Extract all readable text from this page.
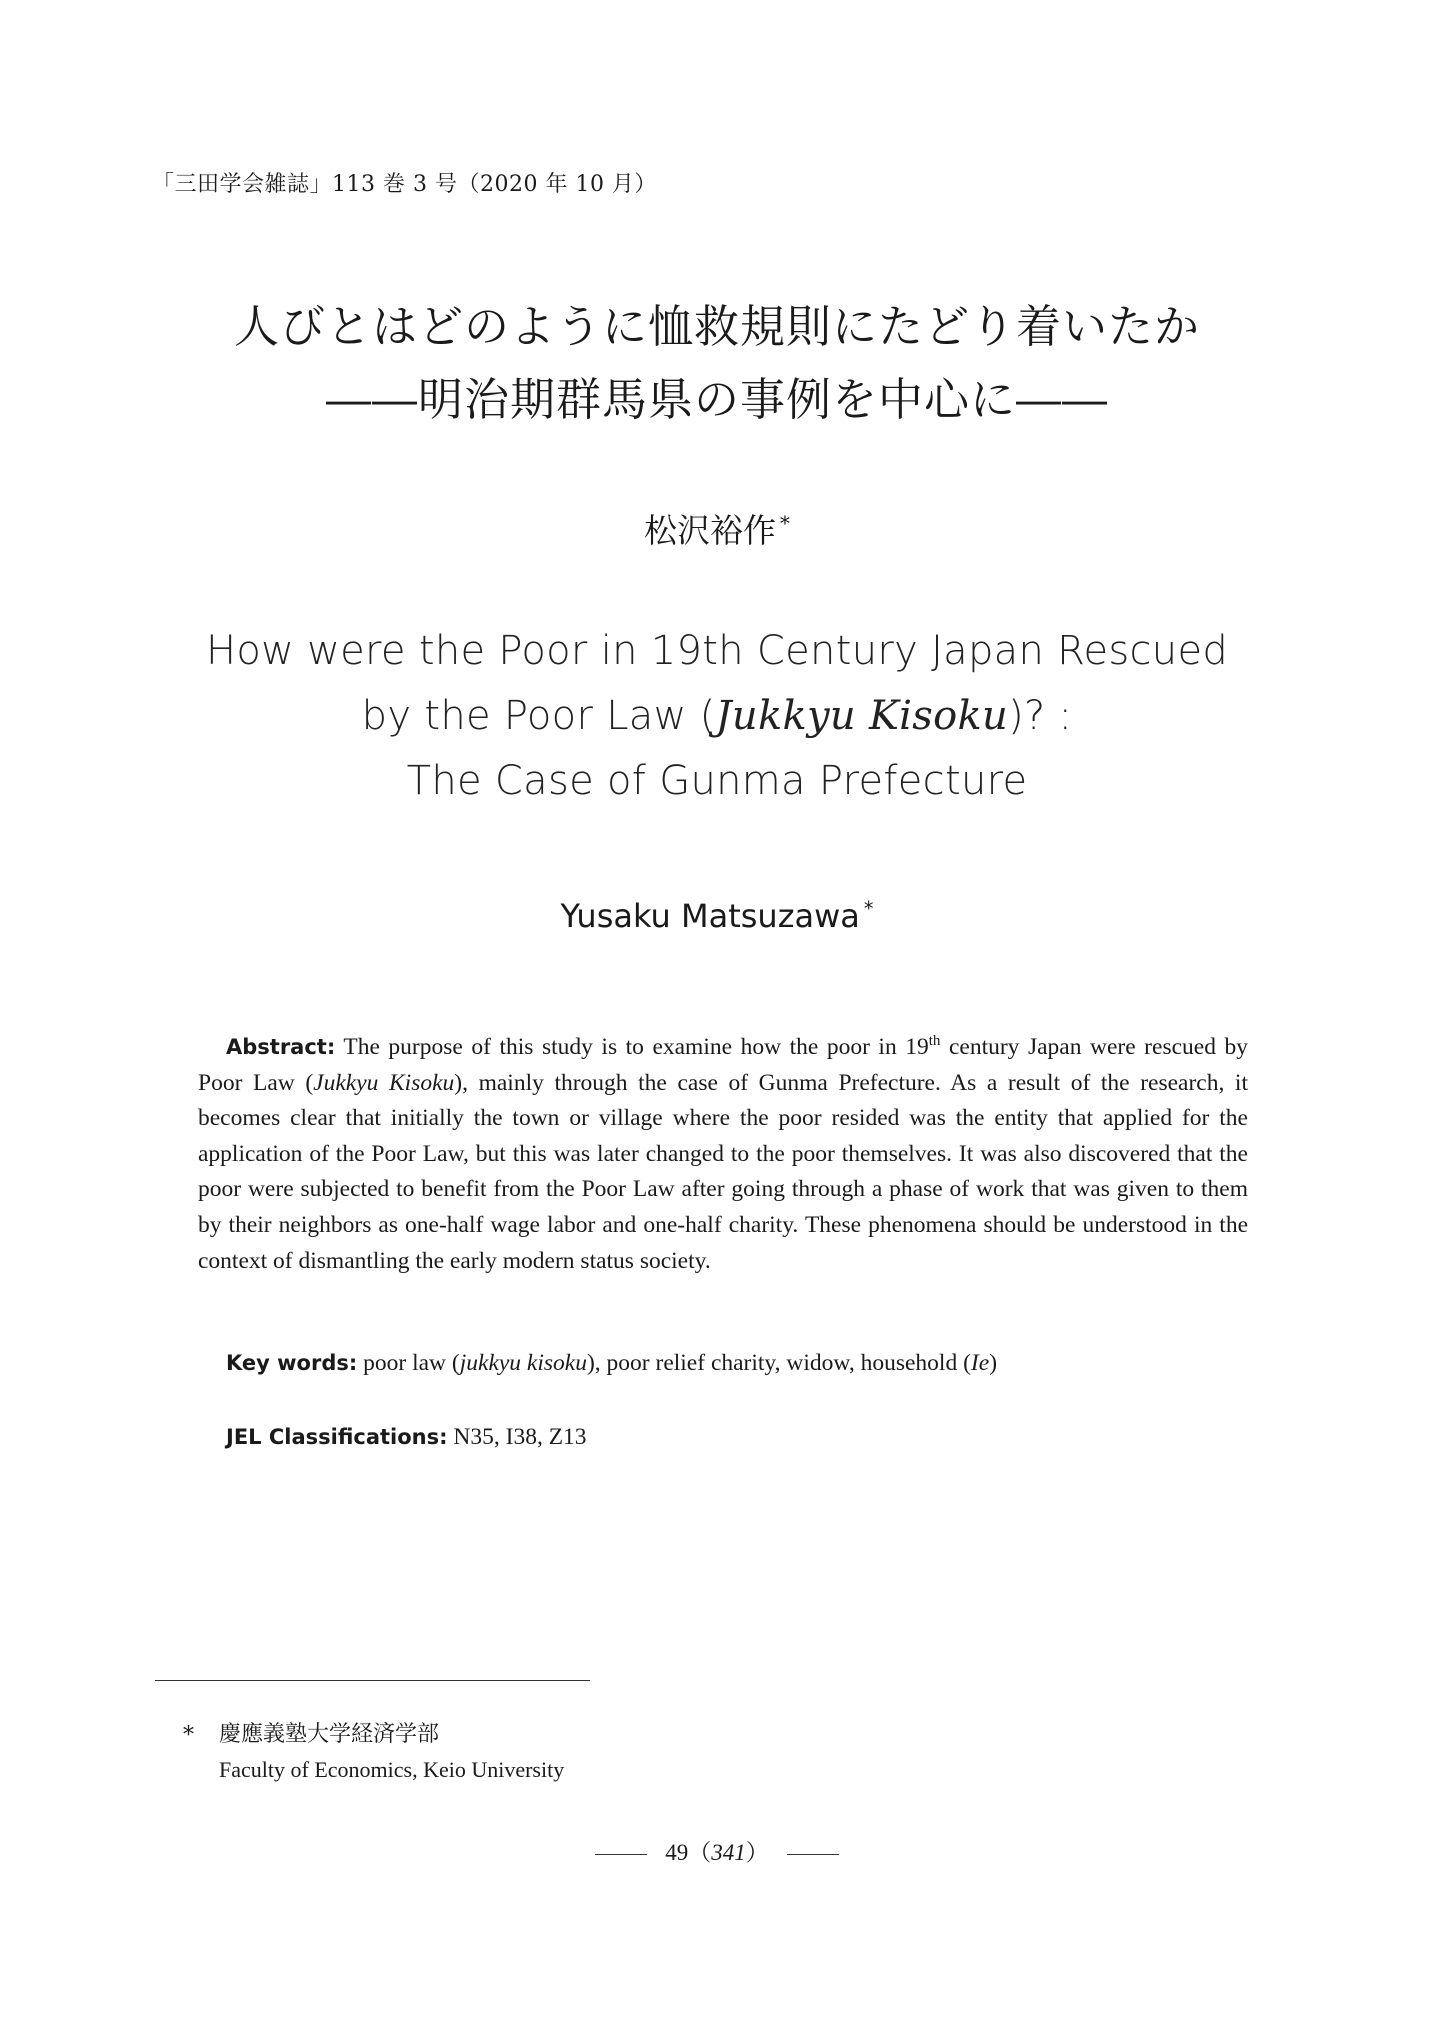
「三田学会雑誌」113 巻 3 号（2020 年 10 月）
人びとはどのように恤救規則にたどり着いたか
――明治期群馬県の事例を中心に――
松沢裕作 *
How were the Poor in 19th Century Japan Rescued
by the Poor Law (Jukkyu Kisoku)? :
The Case of Gunma Prefecture
Yusaku Matsuzawa *
Abstract: The purpose of this study is to examine how the poor in 19th century Japan were rescued by Poor Law (Jukkyu Kisoku), mainly through the case of Gunma Prefecture. As a result of the research, it becomes clear that initially the town or village where the poor resided was the entity that applied for the application of the Poor Law, but this was later changed to the poor themselves. It was also discovered that the poor were subjected to benefit from the Poor Law after going through a phase of work that was given to them by their neighbors as one-half wage labor and one-half charity. These phenomena should be understood in the context of dismantling the early modern status society.
Key words: poor law (jukkyu kisoku), poor relief charity, widow, household (Ie)
JEL Classifications: N35, I38, Z13
* 慶應義塾大学経済学部
Faculty of Economics, Keio University
49（341）
